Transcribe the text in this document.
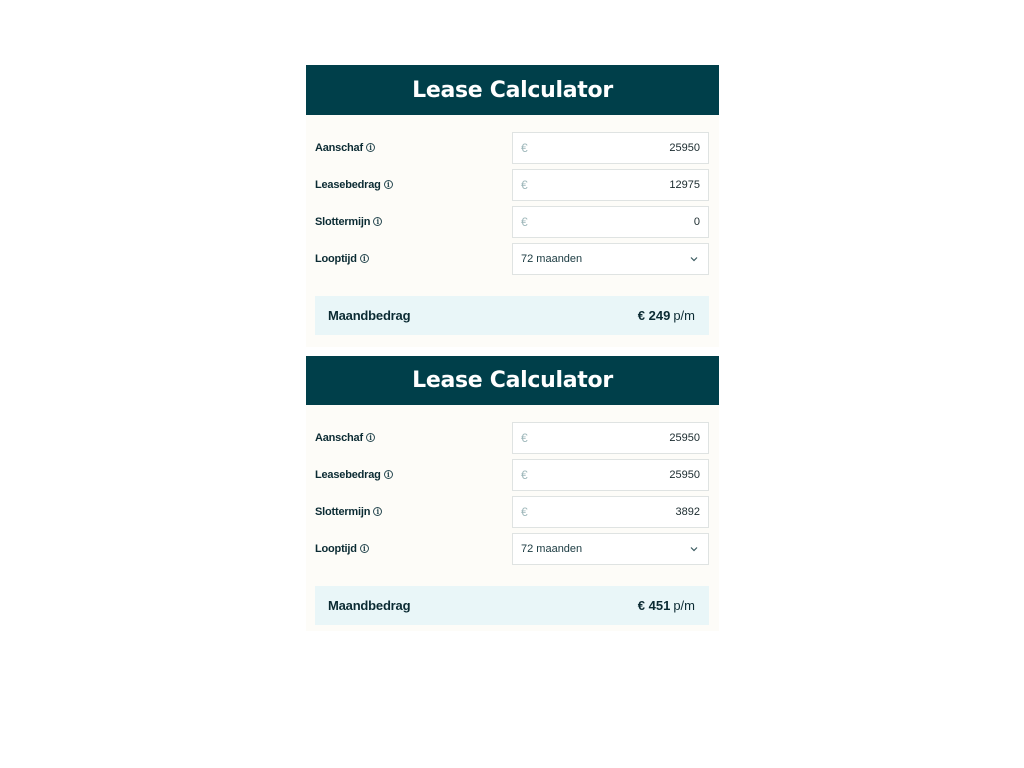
Lease Calculator
Aanschaf i	€	25950
Leasebedrag i	€	12975
Slottermijn i	€	0
Looptijd i	72 maanden
Maandbedrag	€ 249 p/m
Lease Calculator
Aanschaf i	€	25950
Leasebedrag i	€	25950
Slottermijn i	€	3892
Looptijd i	72 maanden
Maandbedrag	€ 451 p/m
